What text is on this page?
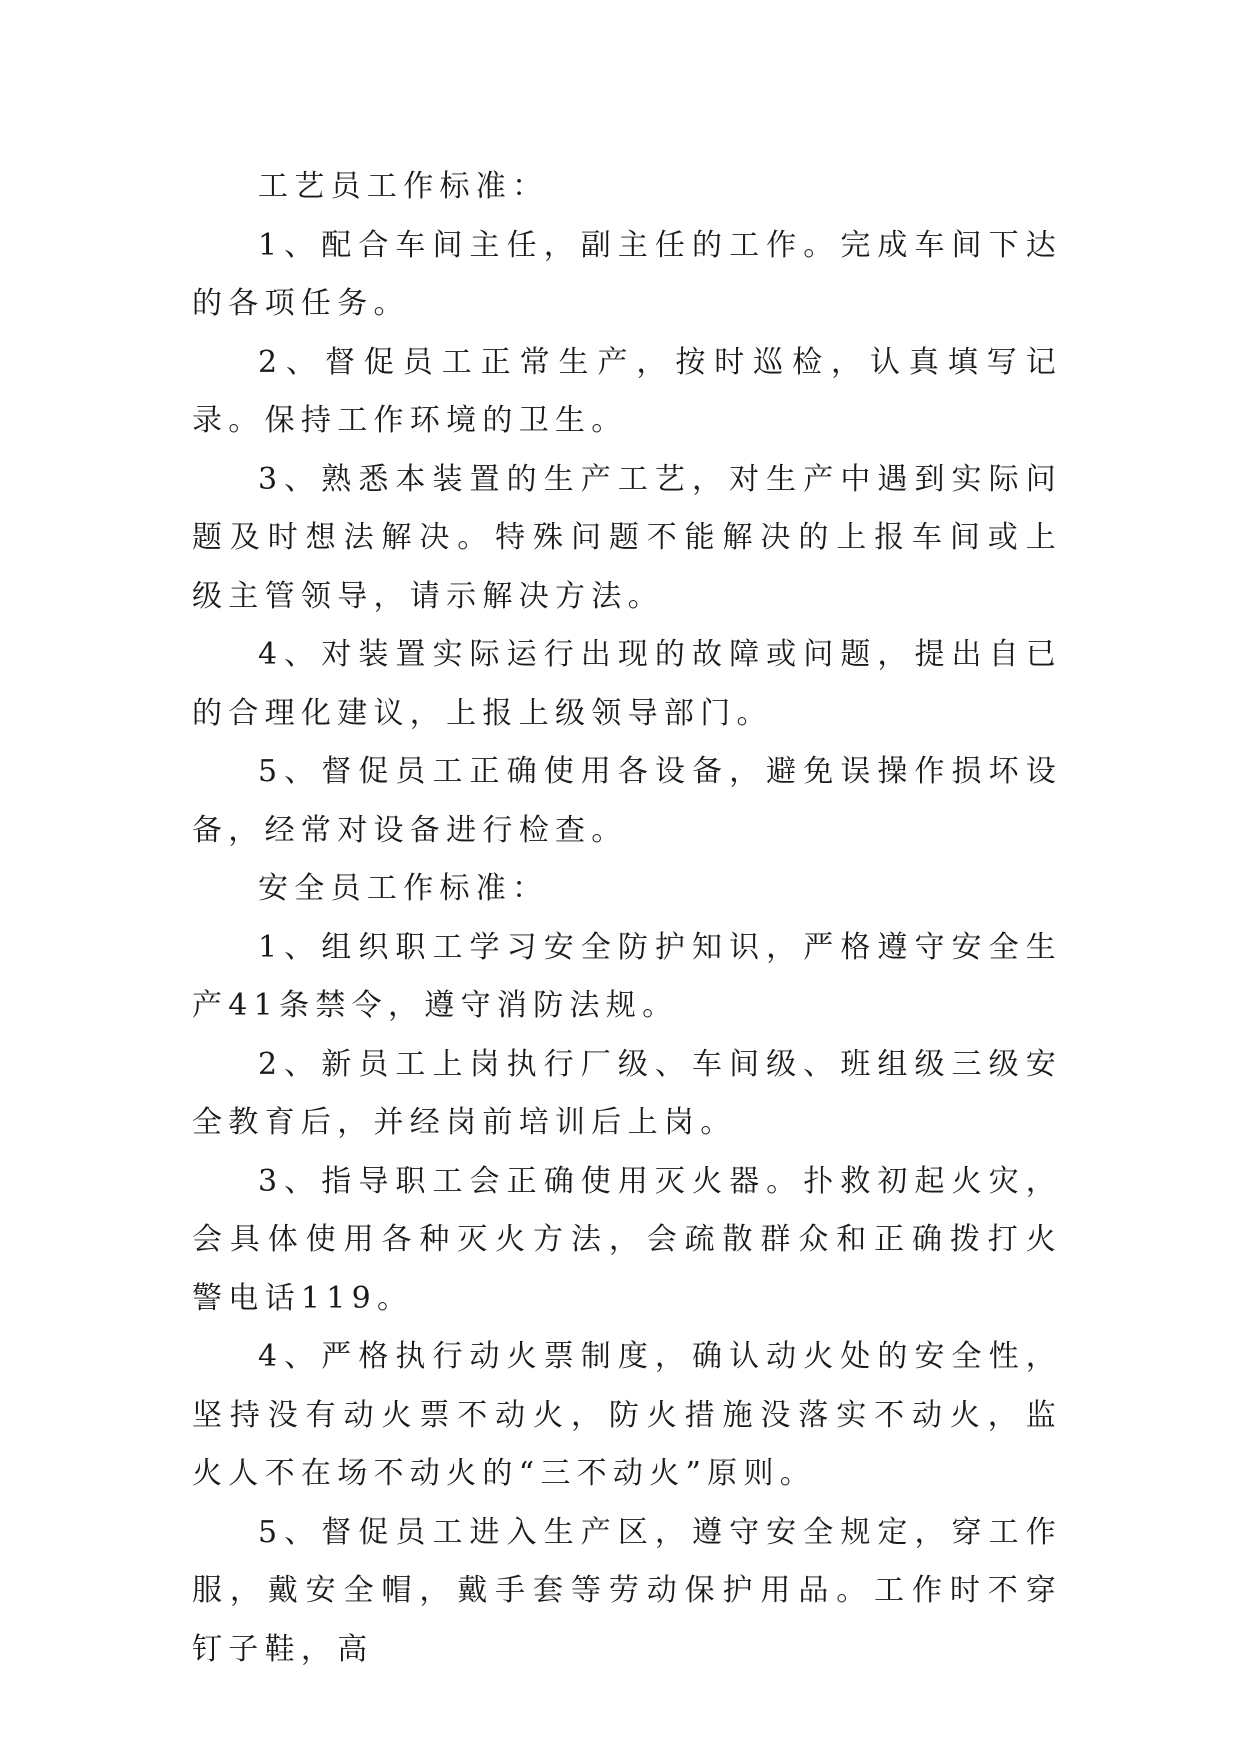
工艺员工作标准：

1、配合车间主任，副主任的工作。完成车间下达的各项任务。

2、督促员工正常生产，按时巡检，认真填写记录。保持工作环境的卫生。

3、熟悉本装置的生产工艺，对生产中遇到实际问题及时想法解决。特殊问题不能解决的上报车间或上级主管领导，请示解决方法。

4、对装置实际运行出现的故障或问题，提出自已的合理化建议，上报上级领导部门。

5、督促员工正确使用各设备，避免误操作损坏设备，经常对设备进行检查。

安全员工作标准：

1、组织职工学习安全防护知识，严格遵守安全生产41条禁令，遵守消防法规。

2、新员工上岗执行厂级、车间级、班组级三级安全教育后，并经岗前培训后上岗。

3、指导职工会正确使用灭火器。扑救初起火灾，会具体使用各种灭火方法，会疏散群众和正确拨打火警电话119。

4、严格执行动火票制度，确认动火处的安全性，坚持没有动火票不动火，防火措施没落实不动火，监火人不在场不动火的“三不动火”原则。

5、督促员工进入生产区，遵守安全规定，穿工作服，戴安全帽，戴手套等劳动保护用品。工作时不穿钉子鞋，高
